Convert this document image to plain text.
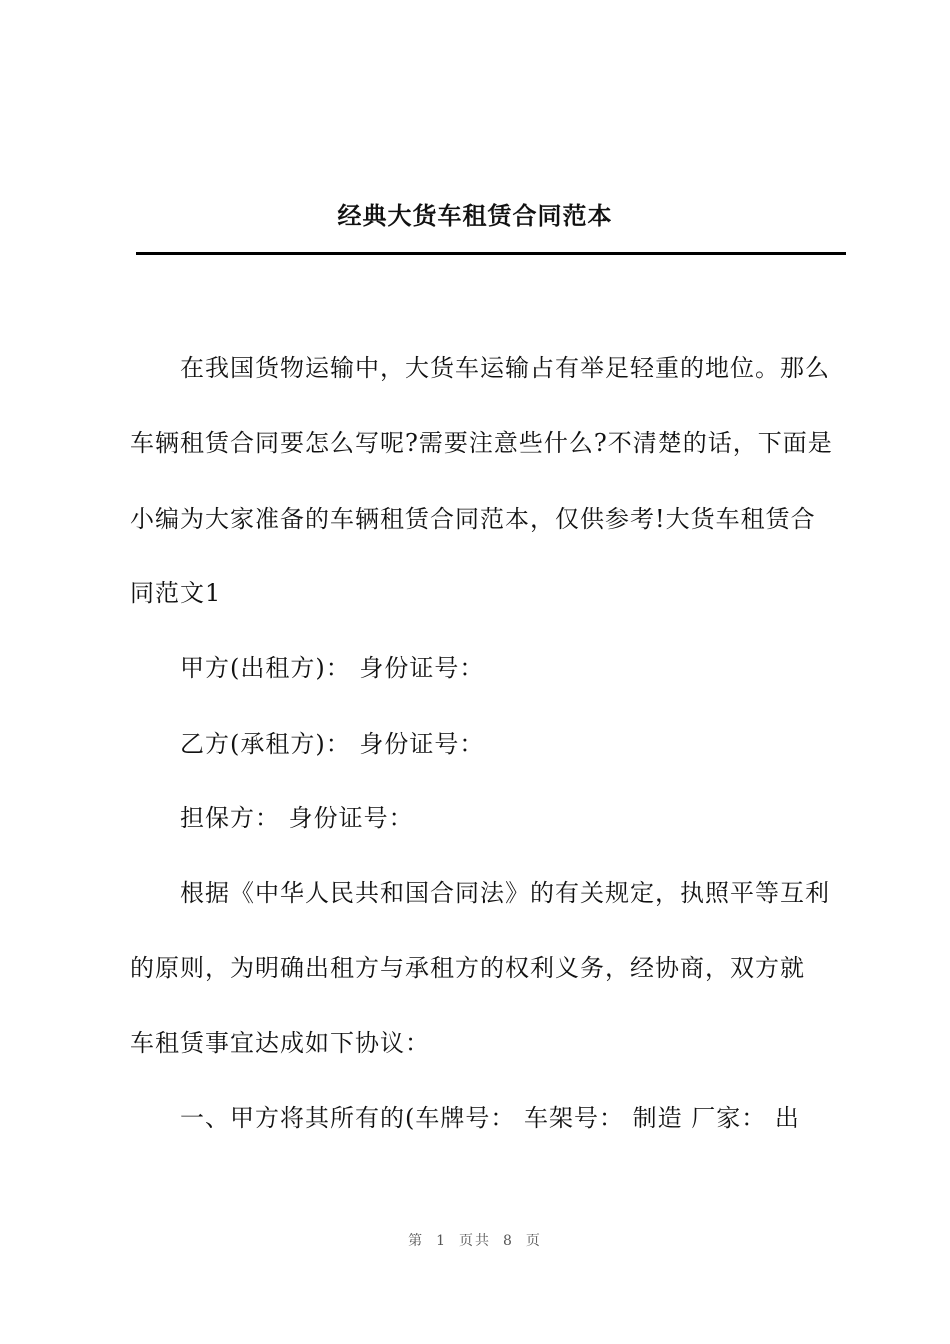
经典大货车租赁合同范本
在我国货物运输中，大货车运输占有举足轻重的地位。那么
车辆租赁合同要怎么写呢?需要注意些什么?不清楚的话，下面是
小编为大家准备的车辆租赁合同范本，仅供参考!大货车租赁合
同范文1
甲方(出租方)： 身份证号：
乙方(承租方)： 身份证号：
担保方： 身份证号：
根据《中华人民共和国合同法》的有关规定，执照平等互利
的原则，为明确出租方与承租方的权利义务，经协商，双方就
车租赁事宜达成如下协议：
一、甲方将其所有的(车牌号： 车架号： 制造 厂家： 出
第 1 页共 8 页
